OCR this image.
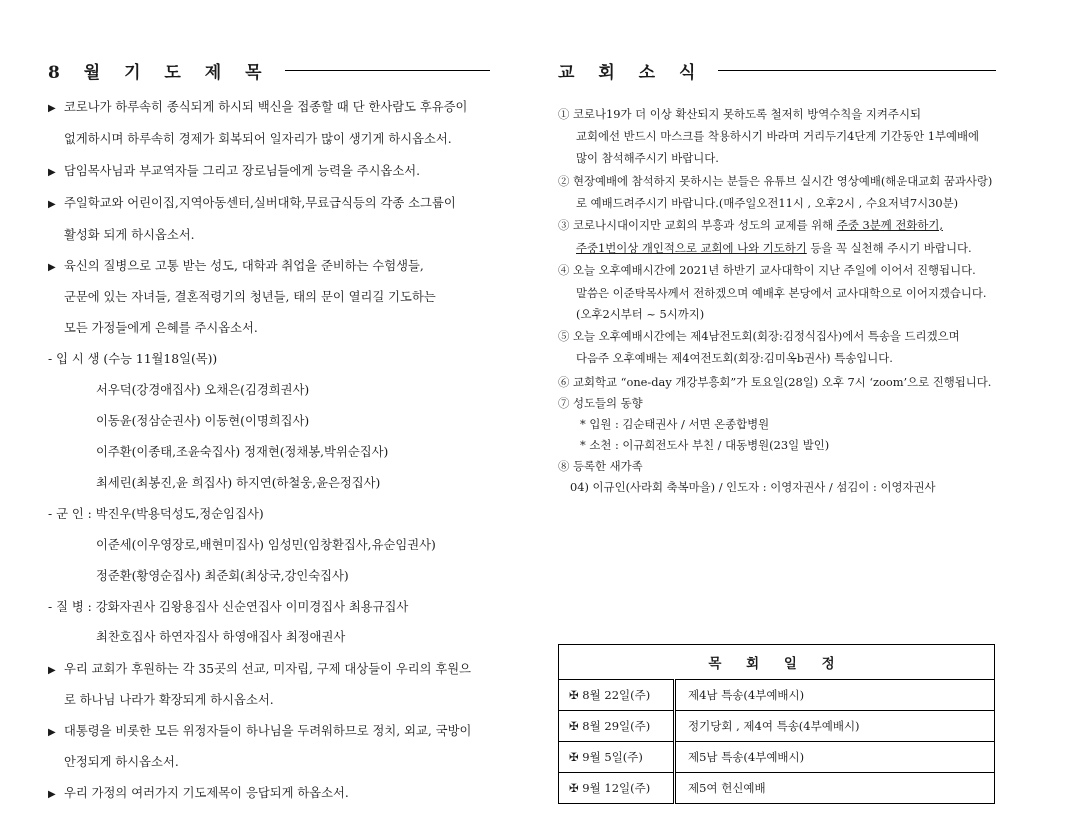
8 월 기 도 제 목
▶ 코로나가 하루속히 종식되게 하시되 백신을 접종할 때 단 한사람도 후유증이
없게하시며 하루속히 경제가 회복되어 일자리가 많이 생기게 하시옵소서.
▶ 담임목사님과 부교역자들 그리고 장로님들에게 능력을 주시옵소서.
▶ 주일학교와 어린이집,지역아동센터,실버대학,무료급식등의 각종 소그룹이
활성화 되게 하시옵소서.
▶ 육신의 질병으로 고통 받는 성도, 대학과 취업을 준비하는 수험생들,
군문에 있는 자녀들, 결혼적령기의 청년들, 태의 문이 열리길 기도하는
모든 가정들에게 은혜를 주시옵소서.
- 입 시 생 (수능 11월18일(목))
서우덕(강경애집사) 오채은(김경희권사)
이동윤(정삼순권사) 이동현(이명희집사)
이주환(이종태,조윤숙집사) 정재현(정채봉,박위순집사)
최세린(최봉진,윤 희집사) 하지연(하철웅,윤은정집사)
- 군 인 : 박진우(박용덕성도,정순임집사)
이준세(이우영장로,배현미집사) 임성민(임창환집사,유순임권사)
정준환(황영순집사) 최준회(최상국,강인숙집사)
- 질 병 : 강화자권사 김왕용집사 신순연집사 이미경집사 최용규집사
최찬호집사 하연자집사 하영애집사 최정애권사
▶ 우리 교회가 후원하는 각 35곳의 선교, 미자립, 구제 대상들이 우리의 후원으
로 하나님 나라가 확장되게 하시옵소서.
▶ 대통령을 비롯한 모든 위정자들이 하나님을 두려워하므로 정치, 외교, 국방이
안정되게 하시옵소서.
▶ 우리 가정의 여러가지 기도제목이 응답되게 하옵소서.
교 회 소 식
① 코로나19가 더 이상 확산되지 못하도록 철저히 방역수칙을 지켜주시되
교회에선 반드시 마스크를 착용하시기 바라며 거리두기4단계 기간동안 1부예배에
많이 참석해주시기 바랍니다.
② 현장예배에 참석하지 못하시는 분들은 유튜브 실시간 영상예배(해운대교회 꿈과사랑)
로 예배드려주시기 바랍니다.(매주일오전11시 , 오후2시 , 수요저녁7시30분)
③ 코로나시대이지만 교회의 부흥과 성도의 교제를 위해 주중 3분께 전화하기,
주중1번이상 개인적으로 교회에 나와 기도하기 등을 꼭 실천해 주시기 바랍니다.
④ 오늘 오후예배시간에 2021년 하반기 교사대학이 지난 주일에 이어서 진행됩니다.
말씀은 이준탁목사께서 전하겠으며 예배후 본당에서 교사대학으로 이어지겠습니다.
(오후2시부터 ~ 5시까지)
⑤ 오늘 오후예배시간에는 제4남전도회(회장:김정식집사)에서 특송을 드리겠으며
다음주 오후예배는 제4여전도회(회장:김미옥b권사) 특송입니다.
⑥ 교회학교 “one-day 개강부흥회”가 토요일(28일) 오후 7시 ‘zoom’으로 진행됩니다.
⑦ 성도들의 동향
* 입원 : 김순태권사 / 서면 온종합병원
* 소천 : 이규희전도사 부친 / 대동병원(23일 발인)
⑧ 등록한 새가족
04) 이규인(사라회 축복마을) / 인도자 : 이영자권사 / 섬김이 : 이영자권사
목 회 일 정	
✠ 8월 22일(주)	제4남 특송(4부예배시)
✠ 8월 29일(주)	정기당회 , 제4여 특송(4부예배시)
✠ 9월 5일(주)	제5남 특송(4부예배시)
✠ 9월 12일(주)	제5여 헌신예배
